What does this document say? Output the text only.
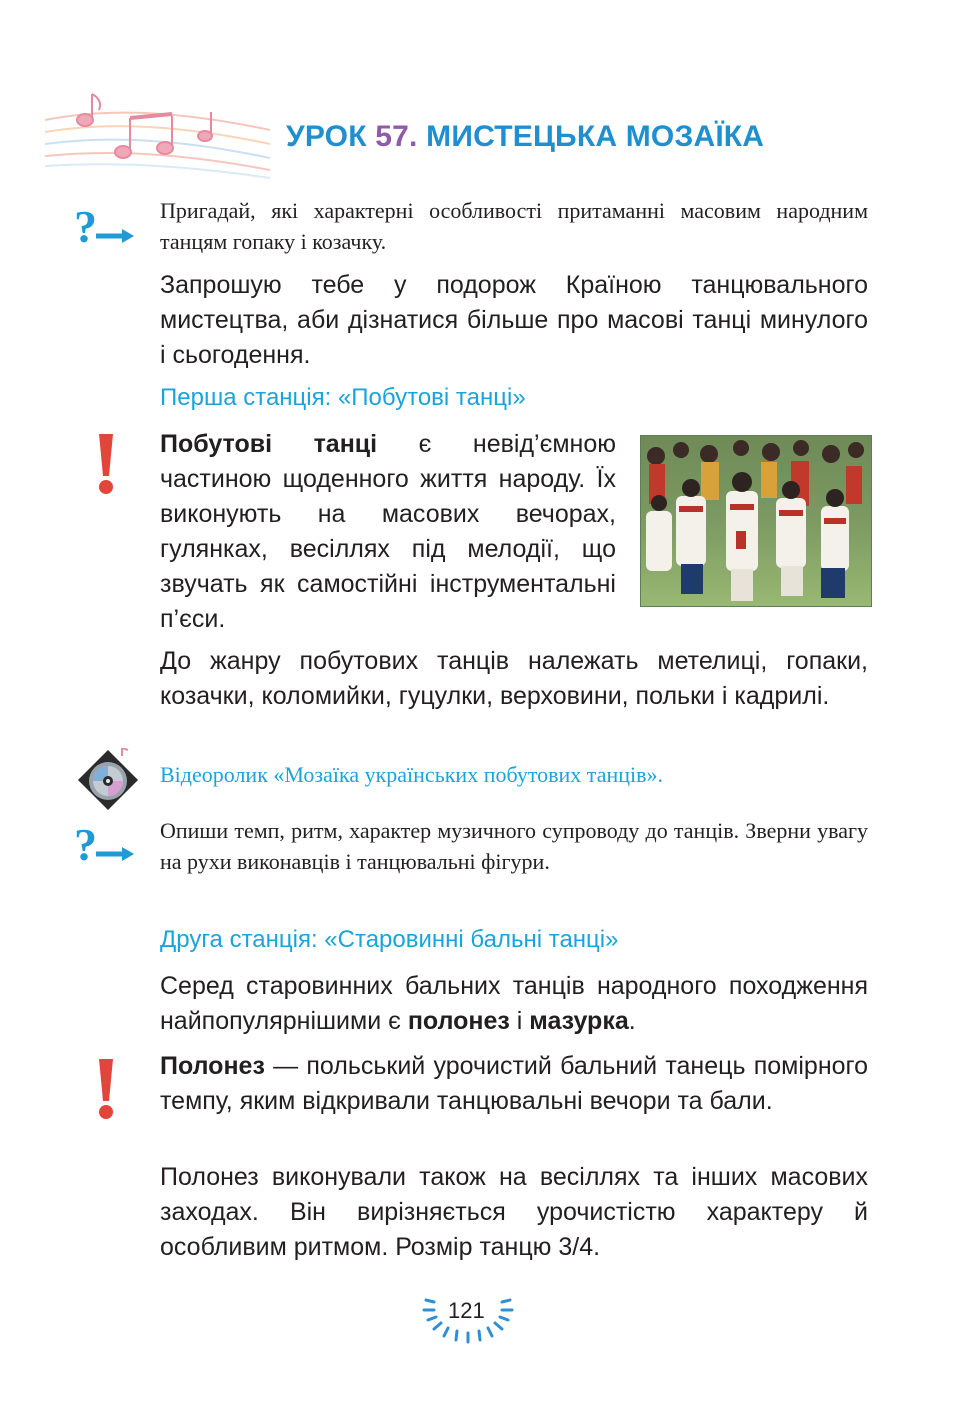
УРОК 57. МИСТЕЦЬКА МОЗАЇКА
?	Пригадай, які характерні особливості притаманні масовим народним танцям гопаку і козачку.
Запрошую тебе у подорож Країною танцювального мистецтва, аби дізнатися більше про масові танці минулого і сьогодення.
Перша станція: «Побутові танці»
Побутові танці є невід’ємною частиною щоденного життя народу. Їх виконують на масових вечорах, гулянках, весіллях під мелодії, що звучать як самостійні інструментальні п’єси.
До жанру побутових танців належать метелиці, гопаки, козачки, коломийки, гуцулки, верховини, польки і кадрилі.
Відеоролик «Мозаїка українських побутових танців».
?	Опиши темп, ритм, характер музичного супроводу до танців. Зверни увагу на рухи виконавців і танцювальні фігури.
Друга станція: «Старовинні бальні танці»
Серед старовинних бальних танців народного походження найпопулярнішими є полонез і мазурка.
Полонез — польський урочистий бальний танець помірного темпу, яким відкривали танцювальні вечори та бали.
Полонез виконували також на весіллях та інших масових заходах. Він вирізняється урочистістю характеру й особливим ритмом. Розмір танцю 3/4.
121
